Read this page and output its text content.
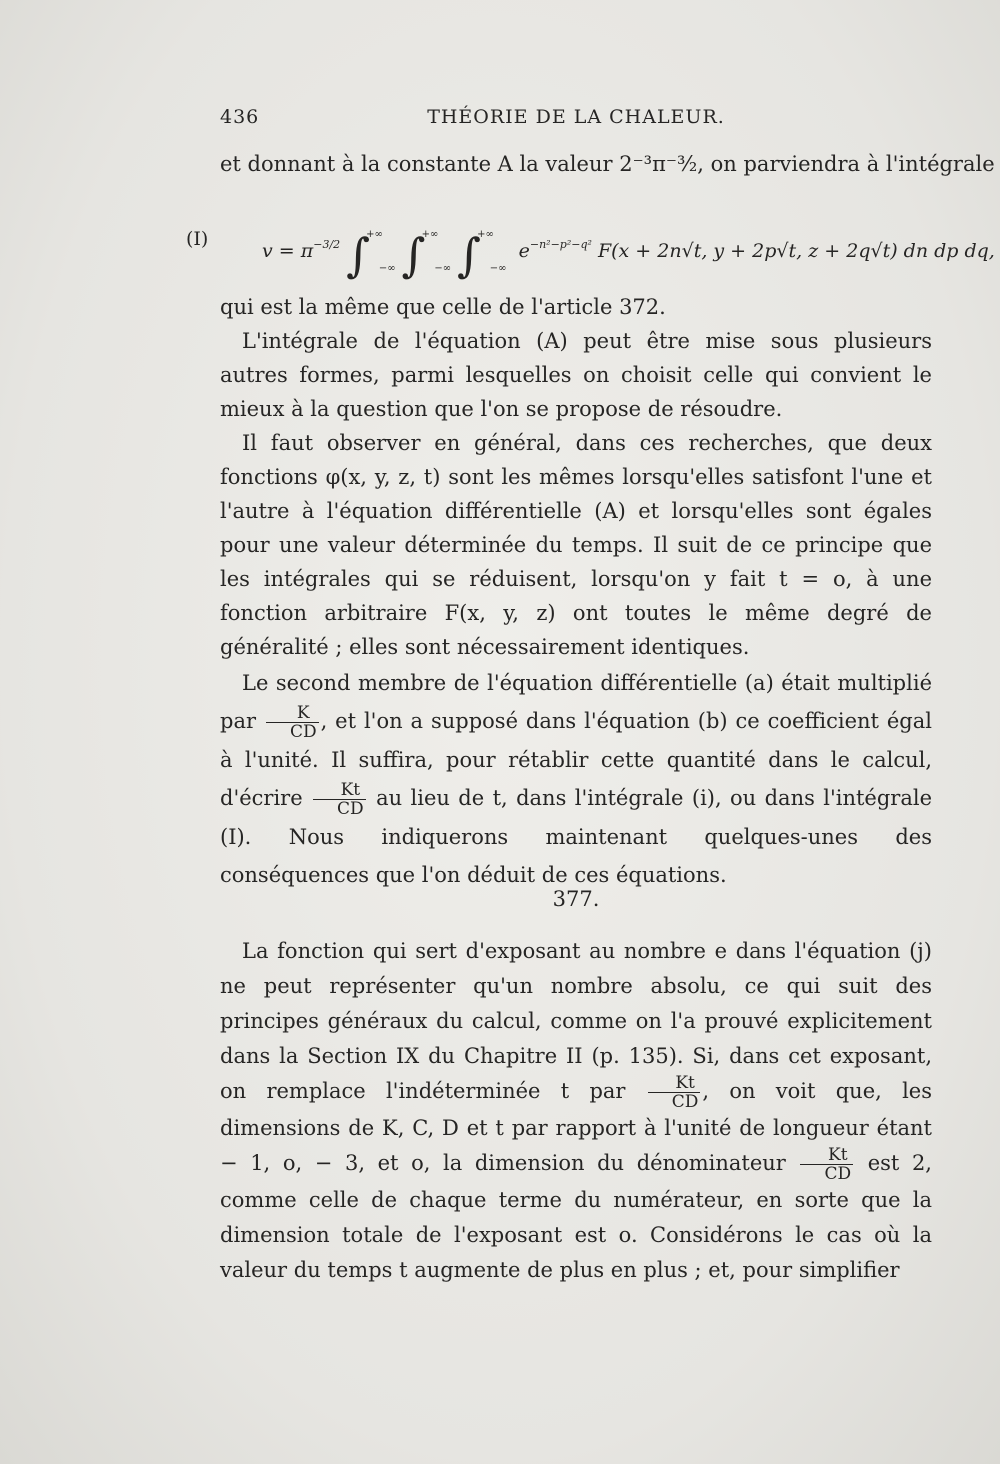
436	THÉORIE DE LA CHALEUR.
et donnant à la constante A la valeur 2⁻³π⁻³⁄₂, on parviendra à l'intégrale
(I)
$v = \pi^{-3/2}$ $\int^{+\infty}_{-\infty}$ $\int^{+\infty}_{-\infty}$ $\int^{+\infty}_{-\infty}$  $e^{-n^2-p^2-q^2}$ F(x + 2n√t, y + 2p√t, z + 2q√t) dn dp dq,
qui est la même que celle de l'article 372.
L'intégrale de l'équation (A) peut être mise sous plusieurs autres formes, parmi lesquelles on choisit celle qui convient le mieux à la question que l'on se propose de résoudre.
Il faut observer en général, dans ces recherches, que deux fonctions φ(x, y, z, t) sont les mêmes lorsqu'elles satisfont l'une et l'autre à l'équation différentielle (A) et lorsqu'elles sont égales pour une valeur déterminée du temps. Il suit de ce principe que les intégrales qui se réduisent, lorsqu'on y fait t = o, à une fonction arbitraire F(x, y, z) ont toutes le même degré de généralité ; elles sont nécessairement identiques.
Le second membre de l'équation différentielle (a) était multiplié par $\frac{K}{CD}$ , et l'on a supposé dans l'équation (b) ce coefficient égal à l'unité. Il suffira, pour rétablir cette quantité dans le calcul, d'écrire $\frac{Kt}{CD}$ au lieu de t, dans l'intégrale (i), ou dans l'intégrale (I). Nous indiquerons maintenant quelques-unes des conséquences que l'on déduit de ces équations.
377.
La fonction qui sert d'exposant au nombre e dans l'équation (j) ne peut représenter qu'un nombre absolu, ce qui suit des principes généraux du calcul, comme on l'a prouvé explicitement dans la Section IX du Chapitre II (p. 135). Si, dans cet exposant, on remplace l'indéterminée t par $\frac{Kt}{CD}$ , on voit que, les dimensions de K, C, D et t par rapport à l'unité de longueur étant − 1, o, − 3, et o, la dimension du dénominateur $\frac{Kt}{CD}$ est 2, comme celle de chaque terme du numérateur, en sorte que la dimension totale de l'exposant est o. Considérons le cas où la valeur du temps t augmente de plus en plus ; et, pour simplifier
